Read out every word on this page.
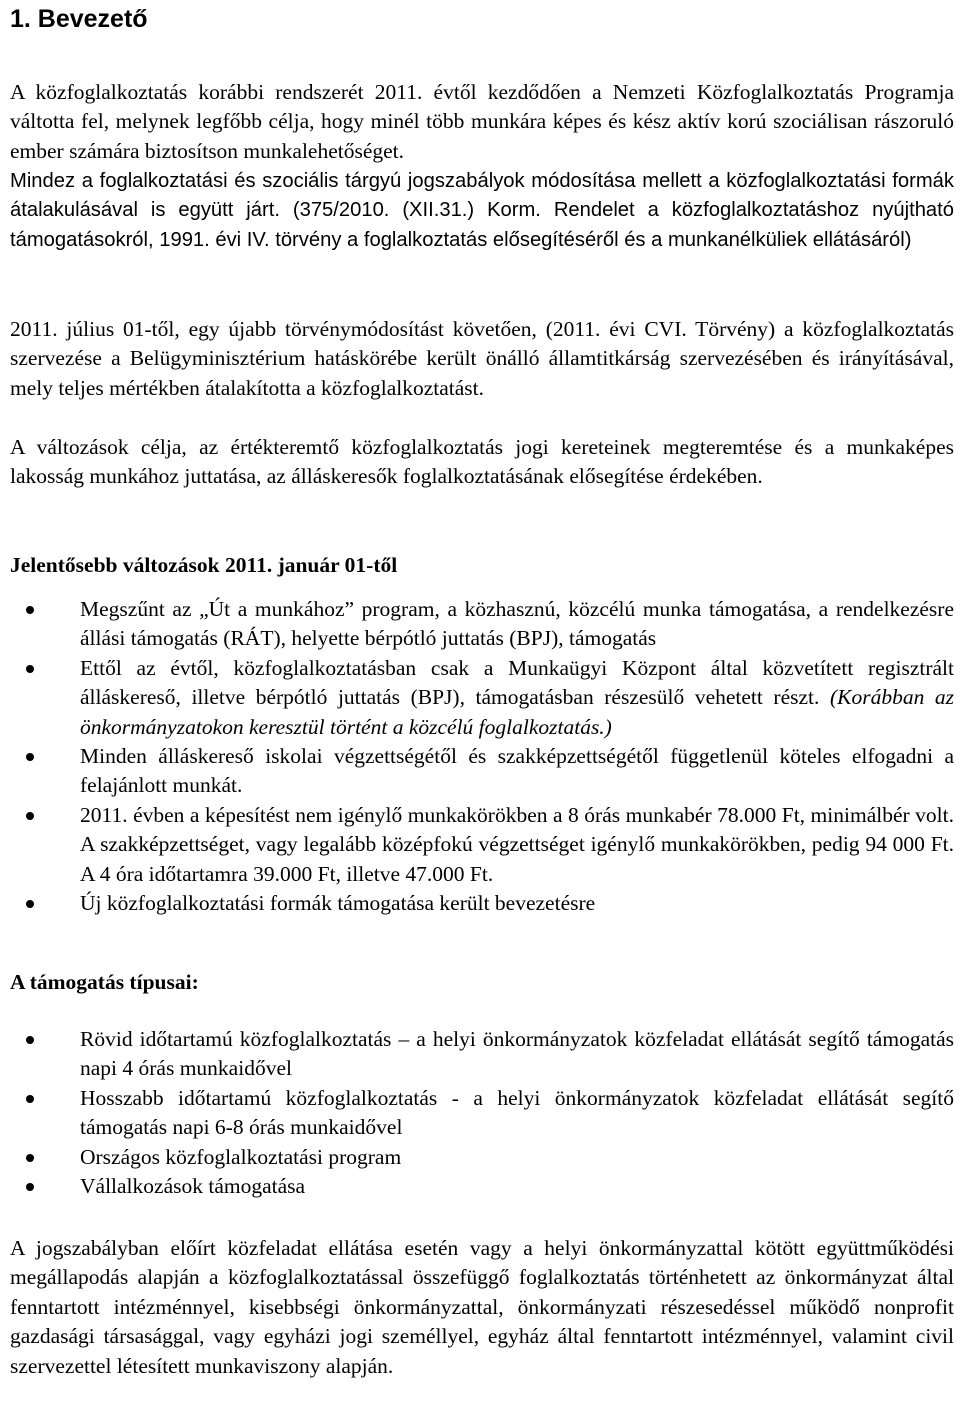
1. Bevezető

A közfoglalkoztatás korábbi rendszerét 2011. évtől kezdődően a Nemzeti Közfoglalkoztatás Programja váltotta fel, melynek legfőbb célja, hogy minél több munkára képes és kész aktív korú szociálisan rászoruló ember számára biztosítson munkalehetőséget.

Mindez a foglalkoztatási és szociális tárgyú jogszabályok módosítása mellett a közfoglalkoztatási formák átalakulásával is együtt járt. (375/2010. (XII.31.) Korm. Rendelet a közfoglalkoztatáshoz nyújtható támogatásokról, 1991. évi IV. törvény a foglalkoztatás elősegítéséről és a munkanélküliek ellátásáról)

2011. július 01-től, egy újabb törvénymódosítást követően, (2011. évi CVI. Törvény) a közfoglalkoztatás szervezése a Belügyminisztérium hatáskörébe került önálló államtitkárság szervezésében és irányításával, mely teljes mértékben átalakította a közfoglalkoztatást.

A változások célja, az értékteremtő közfoglalkoztatás jogi kereteinek megteremtése és a munkaképes lakosság munkához juttatása, az álláskeresők foglalkoztatásának elősegítése érdekében.

Jelentősebb változások 2011. január 01-től
Megszűnt az „Út a munkához” program, a közhasznú, közcélú munka támogatása, a rendelkezésre állási támogatás (RÁT), helyette bérpótló juttatás (BPJ), támogatás
Ettől az évtől, közfoglalkoztatásban csak a Munkaügyi Központ által közvetített regisztrált álláskereső, illetve bérpótló juttatás (BPJ), támogatásban részesülő vehetett részt. (Korábban az önkormányzatokon keresztül történt a közcélú foglalkoztatás.)
Minden álláskereső iskolai végzettségétől és szakképzettségétől függetlenül köteles elfogadni a felajánlott munkát.
2011. évben a képesítést nem igénylő munkakörökben a 8 órás munkabér 78.000 Ft, minimálbér volt. A szakképzettséget, vagy legalább középfokú végzettséget igénylő munkakörökben, pedig 94 000 Ft. A 4 óra időtartamra 39.000 Ft, illetve 47.000 Ft.
Új közfoglalkoztatási formák támogatása került bevezetésre
A támogatás típusai:
Rövid időtartamú közfoglalkoztatás – a helyi önkormányzatok közfeladat ellátását segítő támogatás napi 4 órás munkaidővel
Hosszabb időtartamú közfoglalkoztatás - a helyi önkormányzatok közfeladat ellátását segítő támogatás napi 6-8 órás munkaidővel
Országos közfoglalkoztatási program
Vállalkozások támogatása

A jogszabályban előírt közfeladat ellátása esetén vagy a helyi önkormányzattal kötött együttműködési megállapodás alapján a közfoglalkoztatással összefüggő foglalkoztatás történhetett az önkormányzat által fenntartott intézménnyel, kisebbségi önkormányzattal, önkormányzati részesedéssel működő nonprofit gazdasági társasággal, vagy egyházi jogi személlyel, egyház által fenntartott intézménnyel, valamint civil szervezettel létesített munkaviszony alapján.
